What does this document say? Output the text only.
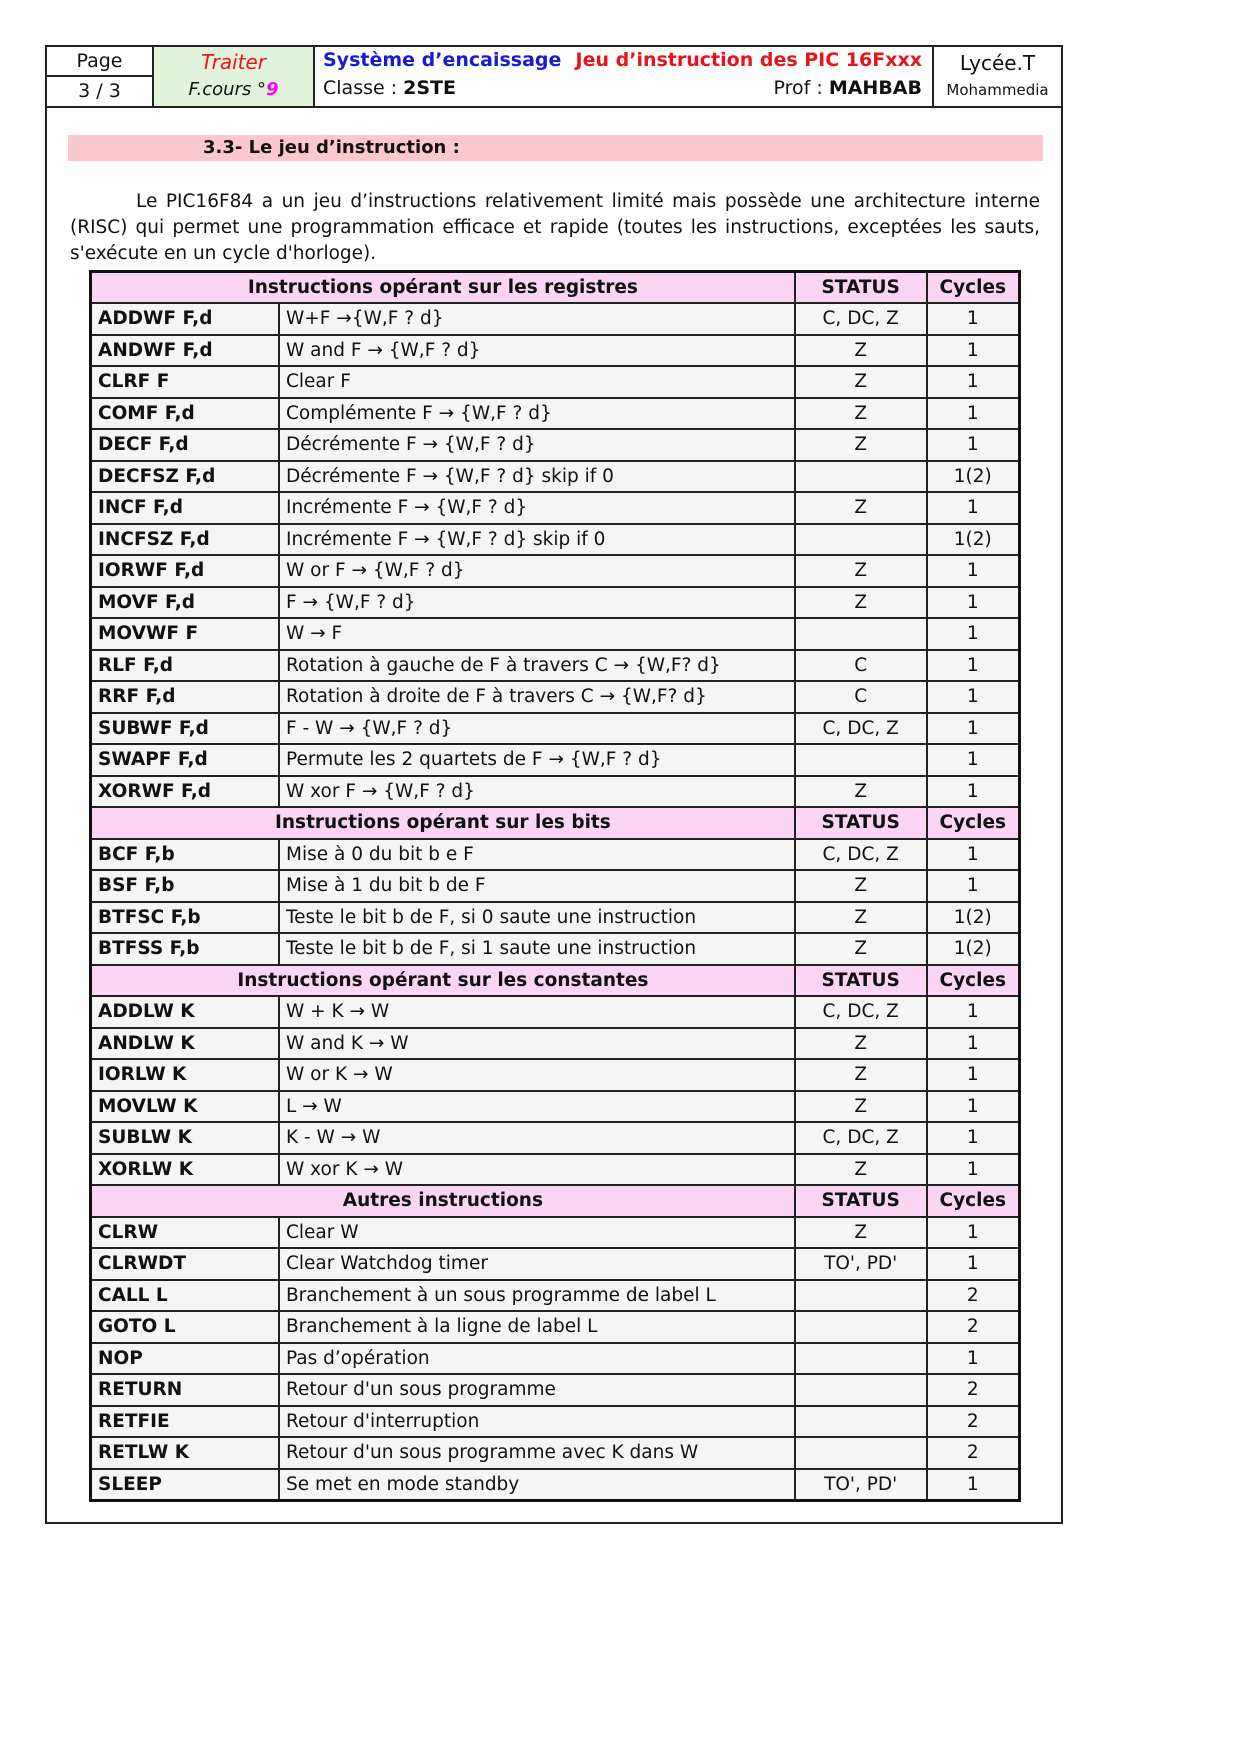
Page
3 / 3
Traiter
F.cours °9
Système d’encaissage Jeu d’instruction des PIC 16Fxxx
Classe : 2STE	Prof : MAHBAB
Lycée.T
Mohammedia
3.3- Le jeu d’instruction :
Le PIC16F84 a un jeu d’instructions relativement limité mais possède une architecture interne (RISC) qui permet une programmation efficace et rapide (toutes les instructions, exceptées les sauts, s'exécute en un cycle d'horloge).
Instructions opérant sur les registres		STATUS	Cycles
ADDWF F,d	W+F →{W,F ? d}	C, DC, Z	1
ANDWF F,d	W and F → {W,F ? d}	Z	1
CLRF F	Clear F	Z	1
COMF F,d	Complémente F → {W,F ? d}	Z	1
DECF F,d	Décrémente F → {W,F ? d}	Z	1
DECFSZ F,d	Décrémente F → {W,F ? d} skip if 0		1(2)
INCF F,d	Incrémente F → {W,F ? d}	Z	1
INCFSZ F,d	Incrémente F → {W,F ? d} skip if 0		1(2)
IORWF F,d	W or F → {W,F ? d}	Z	1
MOVF F,d	F → {W,F ? d}	Z	1
MOVWF F	W → F		1
RLF F,d	Rotation à gauche de F à travers C → {W,F? d}	C	1
RRF F,d	Rotation à droite de F à travers C → {W,F? d}	C	1
SUBWF F,d	F - W → {W,F ? d}	C, DC, Z	1
SWAPF F,d	Permute les 2 quartets de F → {W,F ? d}		1
XORWF F,d	W xor F → {W,F ? d}	Z	1
Instructions opérant sur les bits		STATUS	Cycles
BCF F,b	Mise à 0 du bit b e F	C, DC, Z	1
BSF F,b	Mise à 1 du bit b de F	Z	1
BTFSC F,b	Teste le bit b de F, si 0 saute une instruction	Z	1(2)
BTFSS F,b	Teste le bit b de F, si 1 saute une instruction	Z	1(2)
Instructions opérant sur les constantes		STATUS	Cycles
ADDLW K	W + K → W	C, DC, Z	1
ANDLW K	W and K → W	Z	1
IORLW K	W or K → W	Z	1
MOVLW K	L → W	Z	1
SUBLW K	K - W → W	C, DC, Z	1
XORLW K	W xor K → W	Z	1
Autres instructions		STATUS	Cycles
CLRW	Clear W	Z	1
CLRWDT	Clear Watchdog timer	TO', PD'	1
CALL L	Branchement à un sous programme de label L		2
GOTO L	Branchement à la ligne de label L		2
NOP	Pas d’opération		1
RETURN	Retour d'un sous programme		2
RETFIE	Retour d'interruption		2
RETLW K	Retour d'un sous programme avec K dans W		2
SLEEP	Se met en mode standby	TO', PD'	1
